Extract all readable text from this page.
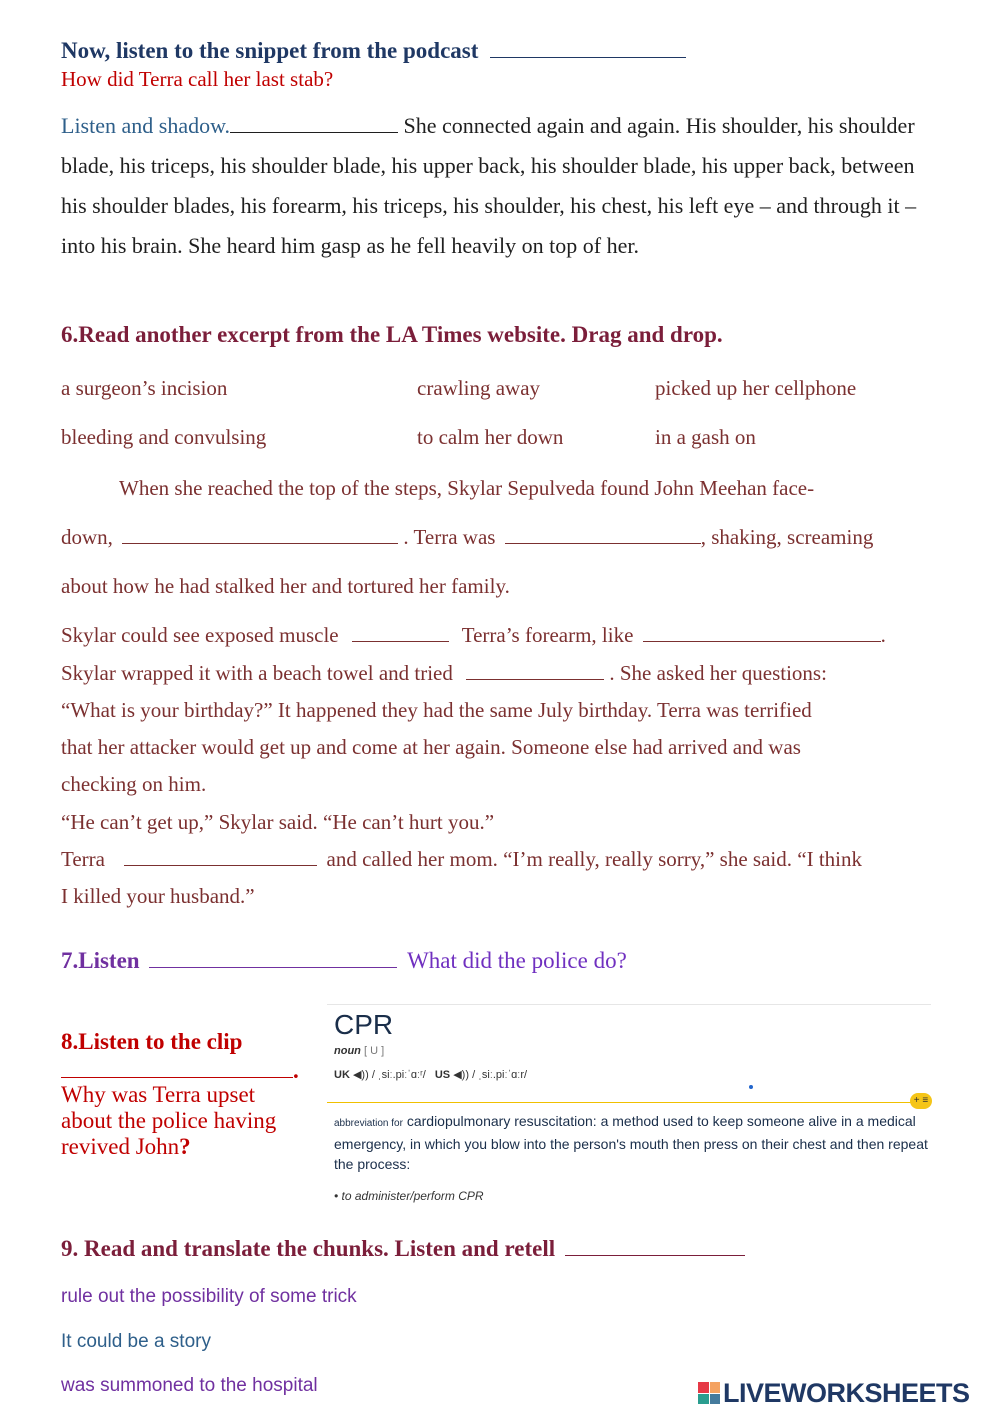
Now, listen to the snippet from the podcast
How did Terra call her last stab?
Listen and shadow.	She connected again and again. His shoulder, his shoulder blade, his triceps, his shoulder blade, his upper back, his shoulder blade, his upper back, between his shoulder blades, his forearm, his triceps, his shoulder, his chest, his left eye – and through it – into his brain. She heard him gasp as he fell heavily on top of her.
6.Read another excerpt from the LA Times website. Drag and drop.
a surgeon’s incision	crawling away	picked up her cellphone
bleeding and convulsing	to calm her down	in a gash on
When she reached the top of the steps, Skylar Sepulveda found John Meehan face-
down,	. Terra was	, shaking, screaming
about how he had stalked her and tortured her family.
Skylar could see exposed muscle	Terra’s forearm, like	.
Skylar wrapped it with a beach towel and tried	. She asked her questions:
“What is your birthday?” It happened they had the same July birthday. Terra was terrified
that her attacker would get up and come at her again. Someone else had arrived and was
checking on him.
“He can’t get up,” Skylar said. “He can’t hurt you.”
Terra	and called her mom. “I’m really, really sorry,” she said. “I think
I killed your husband.”
7.Listen	What did the police do?
8.Listen to the clip
.
Why was Terra upset
about the police having
revived John?
CPR
noun [ U ]
UK ◀)) / ˌsiː.piːˈɑːʳ/ US ◀)) / ˌsiː.piːˈɑːr/
+ ≡
abbreviation for cardiopulmonary resuscitation: a method used to keep someone alive in a medical emergency, in which you blow into the person's mouth then press on their chest and then repeat the process:
• to administer/perform CPR
9. Read and translate the chunks. Listen and retell
rule out the possibility of some trick
It could be a story
was summoned to the hospital	LIVEWORKSHEETS
